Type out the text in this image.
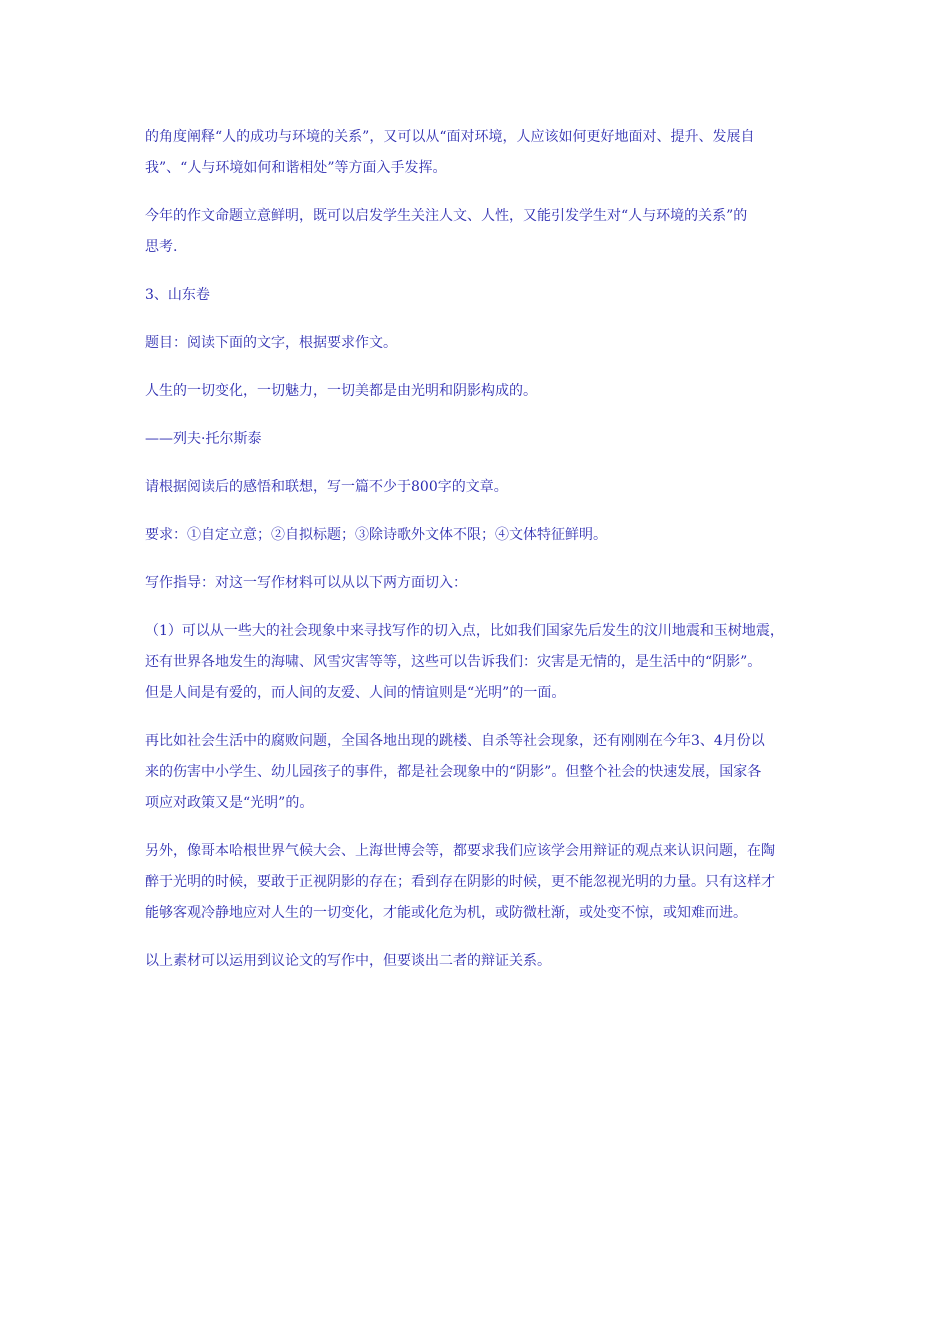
的角度阐释“人的成功与环境的关系”，又可以从“面对环境，人应该如何更好地面对、提升、发展自
我”、“人与环境如何和谐相处”等方面入手发挥。

今年的作文命题立意鲜明，既可以启发学生关注人文、人性，又能引发学生对“人与环境的关系”的
思考.

3、山东卷

题目：阅读下面的文字，根据要求作文。

人生的一切变化，一切魅力，一切美都是由光明和阴影构成的。

——列夫·托尔斯泰

请根据阅读后的感悟和联想，写一篇不少于800字的文章。

要求：①自定立意；②自拟标题；③除诗歌外文体不限；④文体特征鲜明。

写作指导：对这一写作材料可以从以下两方面切入：

（1）可以从一些大的社会现象中来寻找写作的切入点，比如我们国家先后发生的汶川地震和玉树地震，
还有世界各地发生的海啸、风雪灾害等等，这些可以告诉我们：灾害是无情的，是生活中的“阴影”。
但是人间是有爱的，而人间的友爱、人间的情谊则是“光明”的一面。

再比如社会生活中的腐败问题，全国各地出现的跳楼、自杀等社会现象，还有刚刚在今年3、4月份以
来的伤害中小学生、幼儿园孩子的事件，都是社会现象中的“阴影”。但整个社会的快速发展，国家各
项应对政策又是“光明”的。

另外，像哥本哈根世界气候大会、上海世博会等，都要求我们应该学会用辩证的观点来认识问题，在陶
醉于光明的时候，要敢于正视阴影的存在；看到存在阴影的时候，更不能忽视光明的力量。只有这样才
能够客观冷静地应对人生的一切变化，才能或化危为机，或防微杜渐，或处变不惊，或知难而进。

以上素材可以运用到议论文的写作中，但要谈出二者的辩证关系。
